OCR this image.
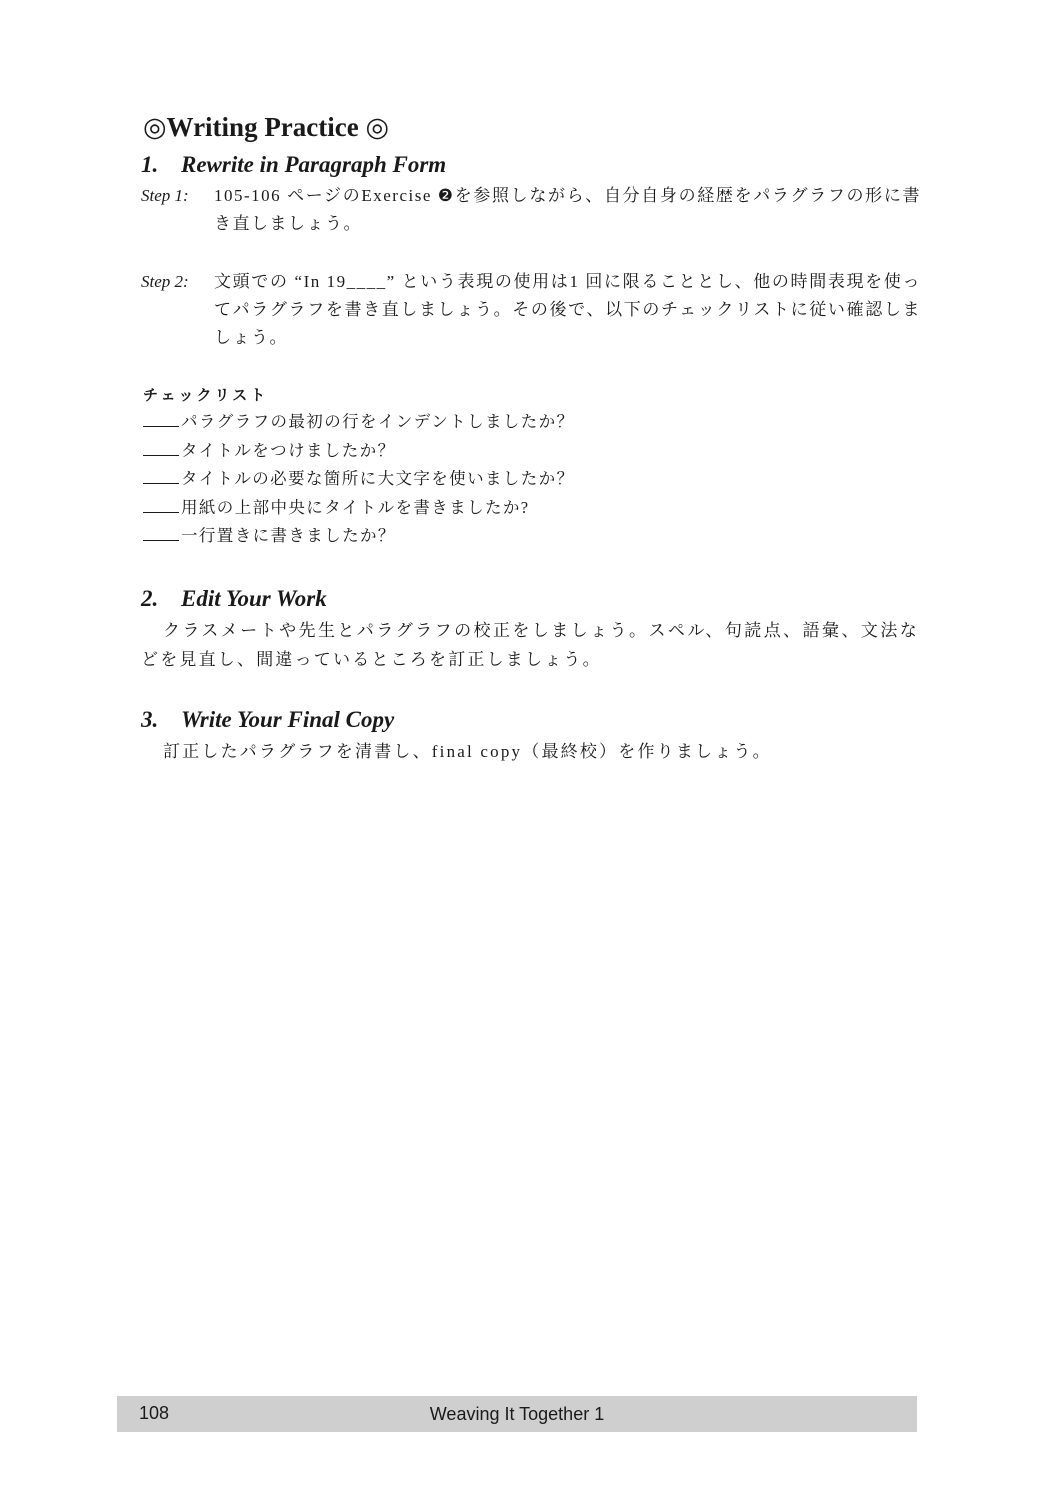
◎Writing Practice ◎
1. Rewrite in Paragraph Form
Step 1: 105-106 ページのExercise ❷を参照しながら、自分自身の経歴をパラグラフの形に書き直しましょう。
Step 2: 文頭での “In 19____” という表現の使用は1 回に限ることとし、他の時間表現を使ってパラグラフを書き直しましょう。その後で、以下のチェックリストに従い確認しましょう。
チェックリスト
パラグラフの最初の行をインデントしましたか？
タイトルをつけましたか？
タイトルの必要な箇所に大文字を使いましたか？
用紙の上部中央にタイトルを書きましたか?
一行置きに書きましたか？
2. Edit Your Work
クラスメートや先生とパラグラフの校正をしましょう。スペル、句読点、語彙、文法などを見直し、間違っているところを訂正しましょう。
3. Write Your Final Copy
訂正したパラグラフを清書し、final copy（最終校）を作りましょう。
108	Weaving It Together 1
